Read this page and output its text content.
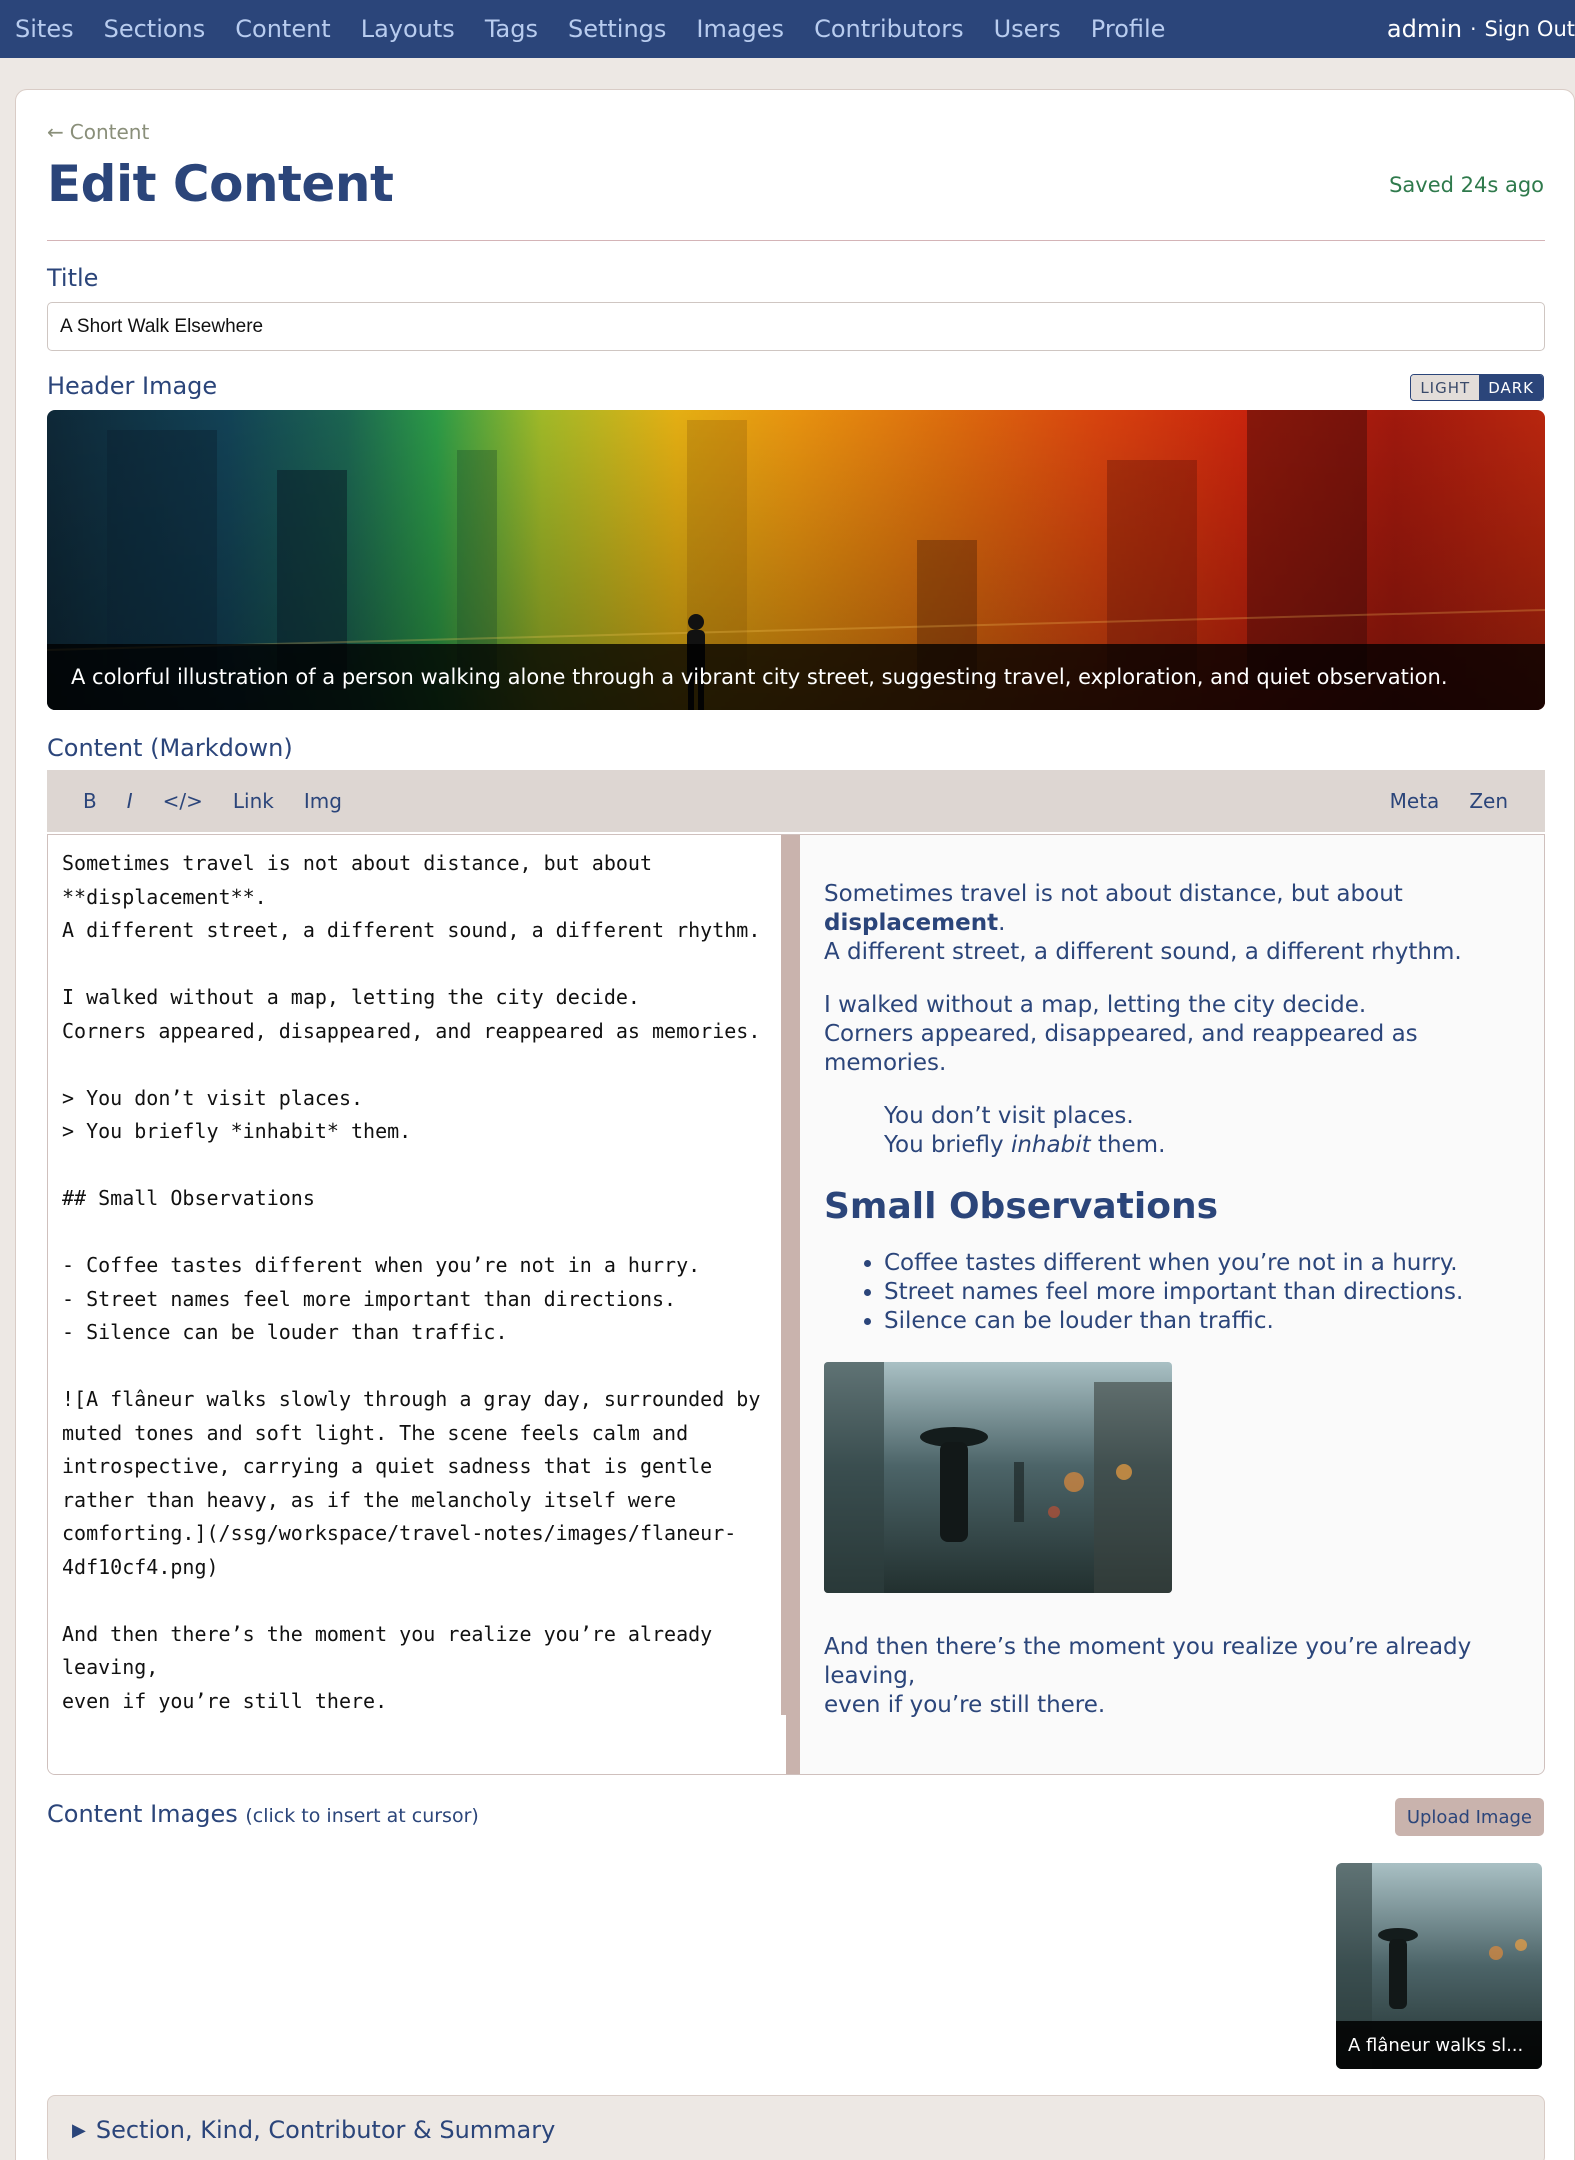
Sites Sections Content Layouts Tags Settings Images Contributors Users Profile	admin · Sign Out
← Content
Edit Content	Saved 24s ago
Title
A Short Walk Elsewhere
Header Image	LIGHT	DARK
A colorful illustration of a person walking alone through a vibrant city street, suggesting travel, exploration, and quiet observation.
Content (Markdown)
B	I	</>	Link	Img	Meta	Zen
Sometimes travel is not about distance, but about **displacement**.
A different street, a different sound, a different rhythm.

I walked without a map, letting the city decide.
Corners appeared, disappeared, and reappeared as memories.

> You don’t visit places.
> You briefly *inhabit* them.

## Small Observations

- Coffee tastes different when you’re not in a hurry.
- Street names feel more important than directions.
- Silence can be louder than traffic.

![A flâneur walks slowly through a gray day, surrounded by muted tones and soft light. The scene feels calm and introspective, carrying a quiet sadness that is gentle rather than heavy, as if the melancholy itself were comforting.](/ssg/workspace/travel-notes/images/flaneur-4df10cf4.png)

And then there’s the moment you realize you’re already leaving,
even if you’re still there.

Sometimes travel is not about distance, but about
displacement.
A different street, a different sound, a different rhythm.

I walked without a map, letting the city decide.
Corners appeared, disappeared, and reappeared as memories.

You don’t visit places.
You briefly inhabit them.
Small Observations
• Coffee tastes different when you’re not in a hurry.
• Street names feel more important than directions.
• Silence can be louder than traffic.

And then there’s the moment you realize you’re already leaving,
even if you’re still there.

Content Images (click to insert at cursor)	Upload Image
A flâneur walks sl...
▶ Section, Kind, Contributor & Summary
